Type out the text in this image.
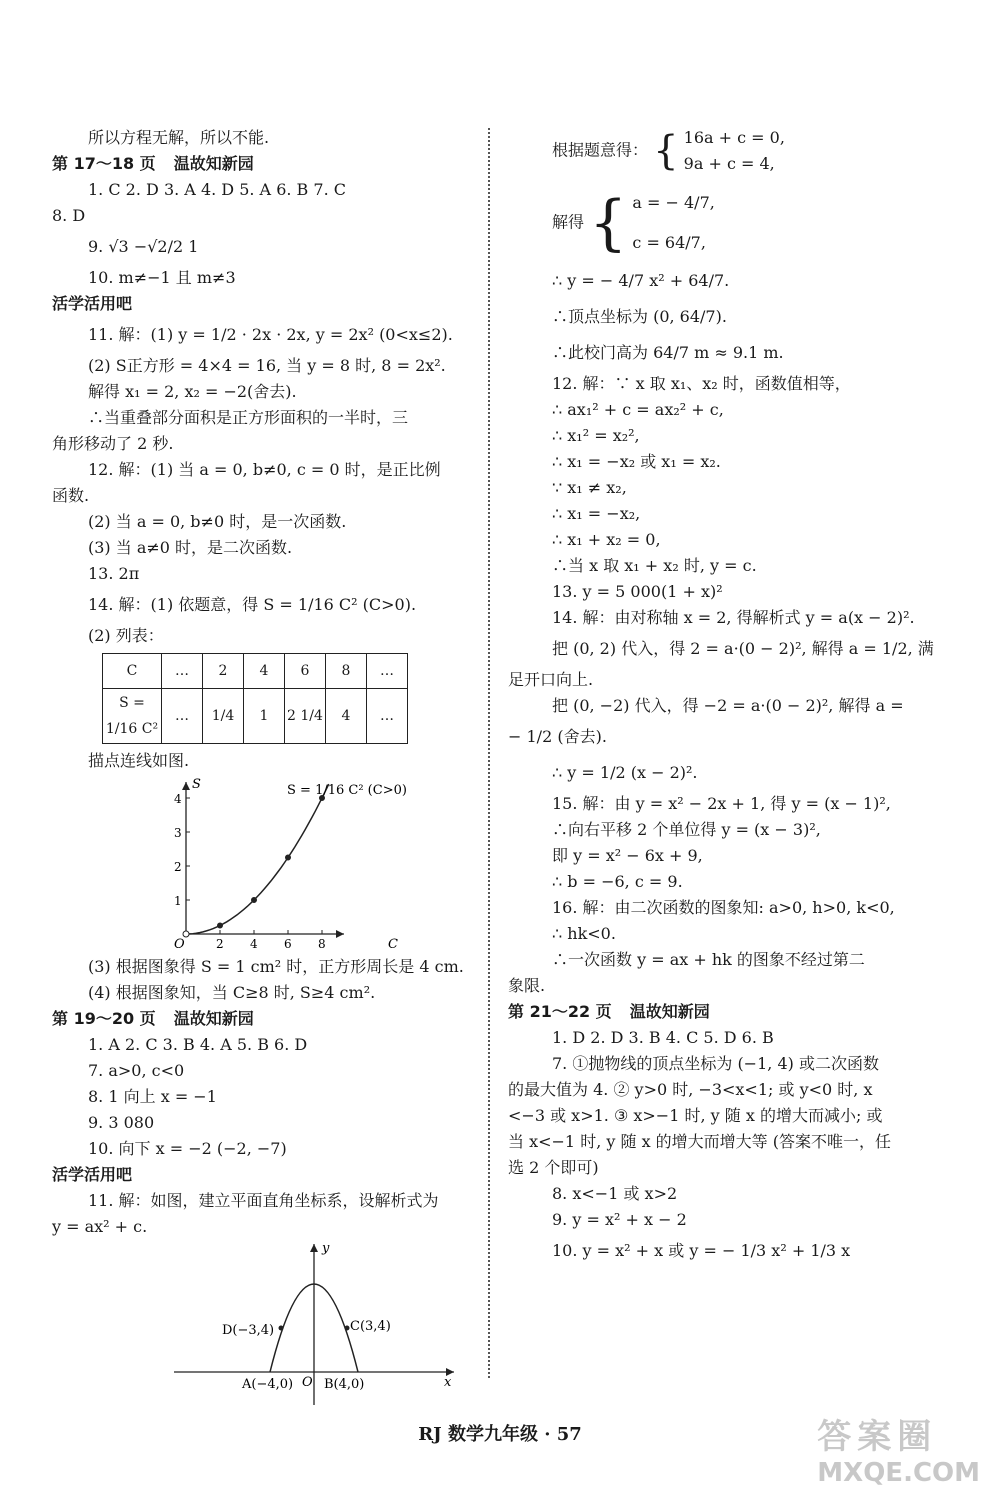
所以方程无解，所以不能.
第 17～18 页 温故知新园
1. C 2. D 3. A 4. D 5. A 6. B 7. C
8. D
9. √3 −√2/2 1
10. m≠−1 且 m≠3
活学活用吧
11. 解：(1) y = 1/2 · 2x · 2x, y = 2x² (0<x≤2).
(2) S正方形 = 4×4 = 16, 当 y = 8 时, 8 = 2x².
解得 x₁ = 2, x₂ = −2(舍去).
∴当重叠部分面积是正方形面积的一半时，三
角形移动了 2 秒.
12. 解：(1) 当 a = 0, b≠0, c = 0 时，是正比例
函数.
(2) 当 a = 0, b≠0 时，是一次函数.
(3) 当 a≠0 时，是二次函数.
13. 2π
14. 解：(1) 依题意，得 S = 1/16 C² (C>0).
(2) 列表：
C	…	2	4	6	8	…
S = 1/16 C²	…	1/4	1	2 1/4	4	…
描点连线如图.
1
2
3
4
2 4 6 8
S = 1/16 C² (C>0)
S
C
O
(3) 根据图象得 S = 1 cm² 时，正方形周长是 4 cm.
(4) 根据图象知，当 C≥8 时, S≥4 cm².
第 19～20 页 温故知新园
1. A 2. C 3. B 4. A 5. B 6. D
7. a>0, c<0
8. 1 向上 x = −1
9. 3 080
10. 向下 x = −2 (−2, −7)
活学活用吧
11. 解：如图，建立平面直角坐标系，设解析式为
y = ax² + c.
y
x
O
A(−4,0) B(4,0)
C(3,4)
D(−3,4)
根据题意得： { 16a + c = 0,
9a + c = 4,
解得 { a = − 4/7,
c = 64/7,
∴ y = − 4/7 x² + 64/7.
∴顶点坐标为 (0, 64/7).
∴此校门高为 64/7 m ≈ 9.1 m.
12. 解：∵ x 取 x₁、x₂ 时，函数值相等，
∴ ax₁² + c = ax₂² + c,
∴ x₁² = x₂²,
∴ x₁ = −x₂ 或 x₁ = x₂.
∵ x₁ ≠ x₂,
∴ x₁ = −x₂,
∴ x₁ + x₂ = 0,
∴当 x 取 x₁ + x₂ 时, y = c.
13. y = 5 000(1 + x)²
14. 解：由对称轴 x = 2, 得解析式 y = a(x − 2)².
把 (0, 2) 代入，得 2 = a·(0 − 2)², 解得 a = 1/2, 满
足开口向上.
把 (0, −2) 代入，得 −2 = a·(0 − 2)², 解得 a =
− 1/2 (舍去).
∴ y = 1/2 (x − 2)².
15. 解：由 y = x² − 2x + 1, 得 y = (x − 1)²,
∴向右平移 2 个单位得 y = (x − 3)²,
即 y = x² − 6x + 9,
∴ b = −6, c = 9.
16. 解：由二次函数的图象知: a>0, h>0, k<0,
∴ hk<0.
∴一次函数 y = ax + hk 的图象不经过第二
象限.
第 21～22 页 温故知新园
1. D 2. D 3. B 4. C 5. D 6. B
7. ①抛物线的顶点坐标为 (−1, 4) 或二次函数
的最大值为 4. ② y>0 时, −3<x<1; 或 y<0 时, x
<−3 或 x>1. ③ x>−1 时, y 随 x 的增大而减小; 或
当 x<−1 时, y 随 x 的增大而增大等 (答案不唯一，任
选 2 个即可)
8. x<−1 或 x>2
9. y = x² + x − 2
10. y = x² + x 或 y = − 1/3 x² + 1/3 x
RJ 数学九年级 · 57	答案圈
MXQE.COM
